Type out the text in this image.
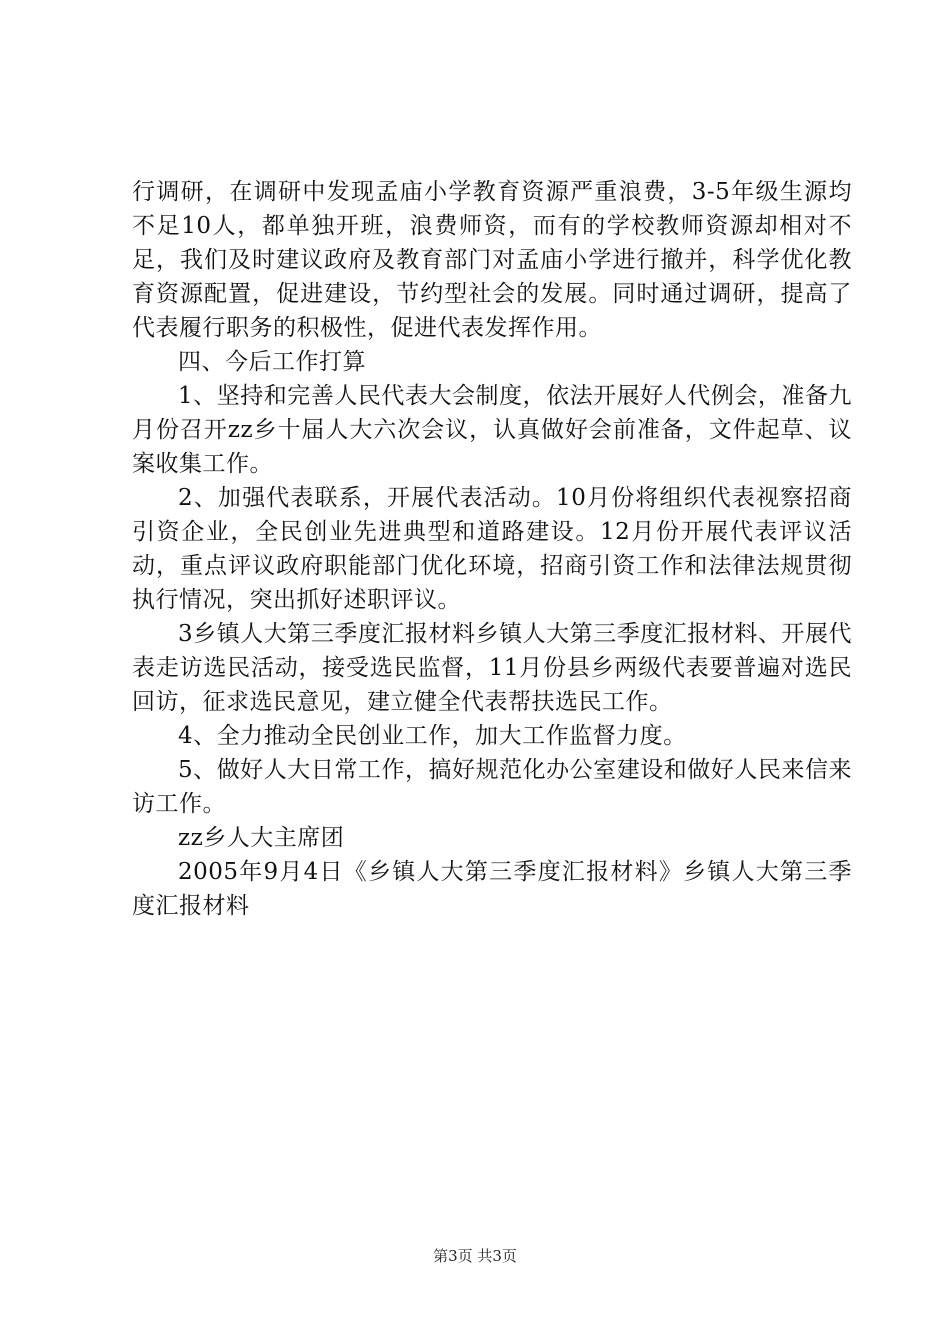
行调研，在调研中发现孟庙小学教育资源严重浪费，3-5年级生源均不足10人，都单独开班，浪费师资，而有的学校教师资源却相对不足，我们及时建议政府及教育部门对孟庙小学进行撤并，科学优化教育资源配置，促进建设，节约型社会的发展。同时通过调研，提高了代表履行职务的积极性，促进代表发挥作用。

四、今后工作打算

1、坚持和完善人民代表大会制度，依法开展好人代例会，准备九月份召开zz乡十届人大六次会议，认真做好会前准备，文件起草、议案收集工作。

2、加强代表联系，开展代表活动。10月份将组织代表视察招商引资企业，全民创业先进典型和道路建设。12月份开展代表评议活动，重点评议政府职能部门优化环境，招商引资工作和法律法规贯彻执行情况，突出抓好述职评议。

3乡镇人大第三季度汇报材料乡镇人大第三季度汇报材料、开展代表走访选民活动，接受选民监督，11月份县乡两级代表要普遍对选民回访，征求选民意见，建立健全代表帮扶选民工作。

4、全力推动全民创业工作，加大工作监督力度。

5、做好人大日常工作，搞好规范化办公室建设和做好人民来信来访工作。

zz乡人大主席团

2005年9月4日《乡镇人大第三季度汇报材料》乡镇人大第三季度汇报材料

第3页 共3页
